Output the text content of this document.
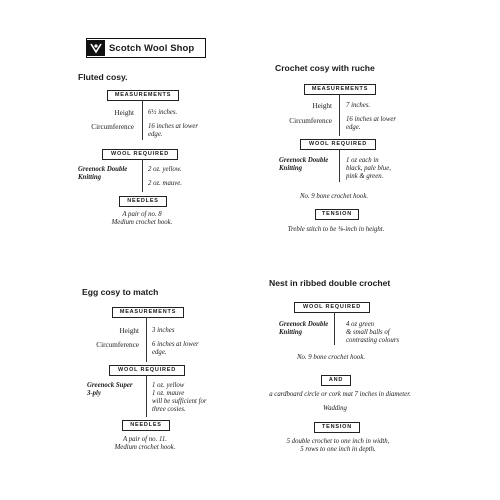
Scotch Wool Shop
Fluted cosy.
MEASUREMENTS
Height 6½ inches.
Circumference 16 inches at lower
edge.
WOOL REQUIRED
Greenock Double
Knitting
2 oz. yellow.
2 oz. mauve.
NEEDLES
A pair of no. 8
Medium crochet hook.
Crochet cosy with ruche
MEASUREMENTS
Height 7 inches.
Circumference 16 inches at lower
edge.
WOOL REQUIRED
Greenock Double
Knitting
1 oz each in
black, pale blue,
pink & green.
No. 9 bone crochet hook.
TENSION
Treble stitch to be ⅜-inch in height.
Egg cosy to match
MEASUREMENTS
Height 3 inches
Circumference 6 inches at lower
edge.
WOOL REQUIRED
Greenock Super
3-ply
1 oz. yellow
1 oz. mauve
will be sufficient for
three cosies.
NEEDLES
A pair of no. 11.
Medium crochet hook.
Nest in ribbed double crochet
WOOL REQUIRED
Greenock Double
Knitting
4 oz green
& small balls of
contrasting colours
No. 9 bone crochet hook.
AND
a cardboard circle or cork mat 7 inches in diameter.
Wadding
TENSION
5 double crochet to one inch in width,
5 rows to one inch in depth.
